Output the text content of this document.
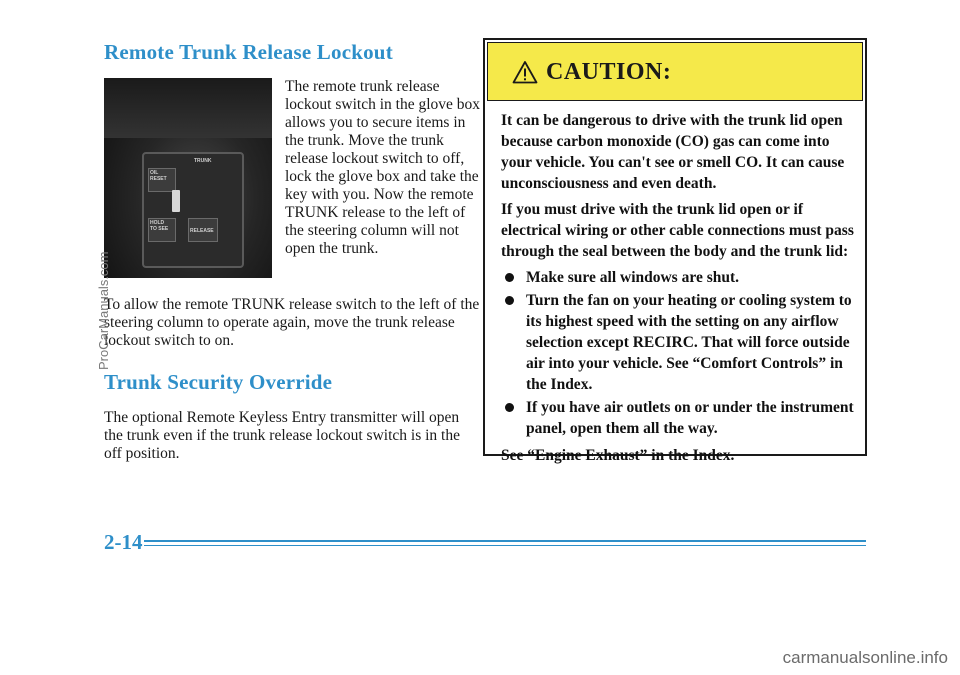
Remote Trunk Release Lockout
TRUNK
OIL
RESET
HOLD
TO SEE	RELEASE

The remote trunk release lockout switch in the glove box allows you to secure items in the trunk. Move the trunk release lockout switch to off, lock the glove box and take the key with you. Now the remote TRUNK release to the left of the steering column will not open the trunk.

To allow the remote TRUNK release switch to the left of the steering column to operate again, move the trunk release lockout switch to on.

Trunk Security Override

The optional Remote Keyless Entry transmitter will open the trunk even if the trunk release lockout switch is in the off position.

CAUTION:

It can be dangerous to drive with the trunk lid open because carbon monoxide (CO) gas can come into your vehicle. You can't see or smell CO. It can cause unconsciousness and even death.

If you must drive with the trunk lid open or if electrical wiring or other cable connections must pass through the seal between the body and the trunk lid:

Make sure all windows are shut.
Turn the fan on your heating or cooling system to its highest speed with the setting on any airflow selection except RECIRC. That will force outside air into your vehicle. See “Comfort Controls” in the Index.
If you have air outlets on or under the instrument panel, open them all the way.

See “Engine Exhaust” in the Index.

2-14

ProCarManuals.com

carmanualsonline.info
